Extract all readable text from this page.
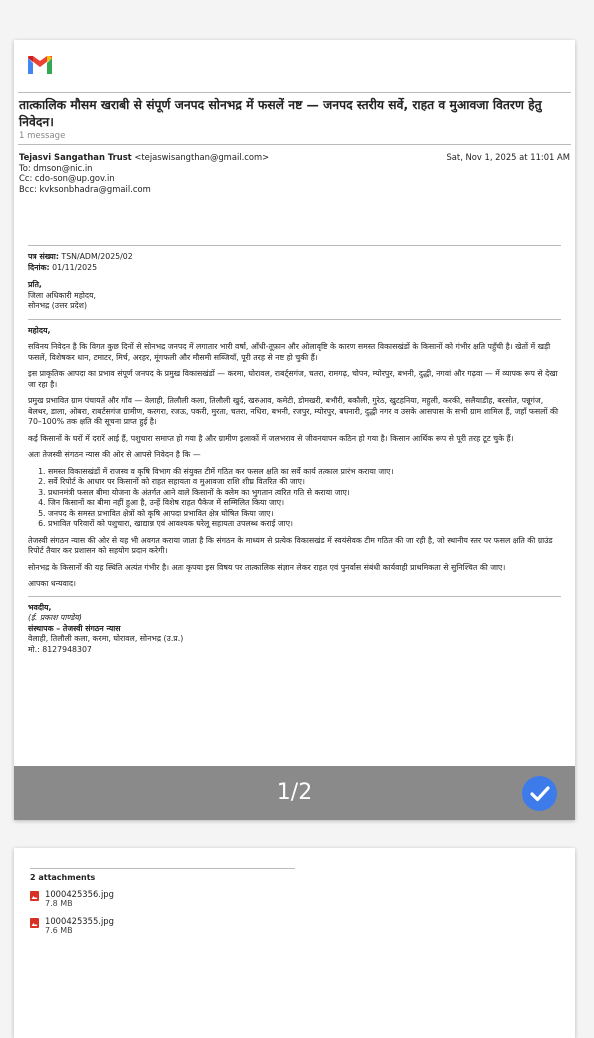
तात्कालिक मौसम खराबी से संपूर्ण जनपद सोनभद्र में फसलें नष्ट — जनपद स्तरीय सर्वे, राहत व मुआवजा वितरण हेतु निवेदन।
1 message
Tejasvi Sangathan Trust <tejaswisangthan@gmail.com>	Sat, Nov 1, 2025 at 11:01 AM
To: dmson@nic.in
Cc: cdo-son@up.gov.in
Bcc: kvksonbhadra@gmail.com
पत्र संख्या: TSN/ADM/2025/02
दिनांक: 01/11/2025
प्रति,
जिला अधिकारी महोदय,
सोनभद्र (उत्तर प्रदेश)

महोदय,

सविनय निवेदन है कि विगत कुछ दिनों से सोनभद्र जनपद में लगातार भारी वर्षा, आँधी-तूफ़ान और ओलावृष्टि के कारण समस्त विकासखंडों के किसानों को गंभीर क्षति पहुँची है। खेतों में खड़ी फसलें, विशेषकर धान, टमाटर, मिर्च, अरहर, मूंगफली और मौसमी सब्जियाँ, पूरी तरह से नष्ट हो चुकी हैं।

इस प्राकृतिक आपदा का प्रभाव संपूर्ण जनपद के प्रमुख विकासखंडों — करमा, घोरावल, राबर्ट्सगंज, चतरा, रामगढ़, चोपन, म्योरपुर, बभनी, दुद्धी, नगवां और गढ़वा — में व्यापक रूप से देखा जा रहा है।

प्रमुख प्रभावित ग्राम पंचायतें और गाँव — वेलाही, तिलौली कला, तिलौली खुर्द, खरुआव, कमेटी, डोमखरी, बभौरी, बकौली, गुरेठ, खुटहनिया, महुली, करकी, सलैयाडीह, बरसोत, पन्नूगंज, बेलथर, डाला, ओबरा, राबर्टसगंज ग्रामीण, करगरा, रजऊ, पकरी, मुरता, चतरा, नधिरा, बभनी, रजपुर, म्योरपुर, बघनारी, दुद्धी नगर व उसके आसपास के सभी ग्राम शामिल हैं, जहाँ फसलों की 70–100% तक क्षति की सूचना प्राप्त हुई है।

कई किसानों के घरों में दरारें आई हैं, पशुचारा समाप्त हो गया है और ग्रामीण इलाकों में जलभराव से जीवनयापन कठिन हो गया है। किसान आर्थिक रूप से पूरी तरह टूट चुके हैं।

अतः तेजस्वी संगठन न्यास की ओर से आपसे निवेदन है कि —

1. समस्त विकासखंडों में राजस्व व कृषि विभाग की संयुक्त टीमें गठित कर फसल क्षति का सर्वे कार्य तत्काल प्रारंभ कराया जाए।
2. सर्वे रिपोर्ट के आधार पर किसानों को राहत सहायता व मुआवजा राशि शीघ्र वितरित की जाए।
3. प्रधानमंत्री फसल बीमा योजना के अंतर्गत आने वाले किसानों के क्लेम का भुगतान त्वरित गति से कराया जाए।
4. जिन किसानों का बीमा नहीं हुआ है, उन्हें विशेष राहत पैकेज में सम्मिलित किया जाए।
5. जनपद के समस्त प्रभावित क्षेत्रों को कृषि आपदा प्रभावित क्षेत्र घोषित किया जाए।
6. प्रभावित परिवारों को पशुचारा, खाद्यान्न एवं आवश्यक घरेलू सहायता उपलब्ध कराई जाए।

तेजस्वी संगठन न्यास की ओर से यह भी अवगत कराया जाता है कि संगठन के माध्यम से प्रत्येक विकासखंड में स्वयंसेवक टीम गठित की जा रही है, जो स्थानीय स्तर पर फसल क्षति की ग्राउंड रिपोर्ट तैयार कर प्रशासन को सहयोग प्रदान करेगी।

सोनभद्र के किसानों की यह स्थिति अत्यंत गंभीर है। अतः कृपया इस विषय पर तात्कालिक संज्ञान लेकर राहत एवं पुनर्वास संबंधी कार्यवाही प्राथमिकता से सुनिश्चित की जाए।

आपका धन्यवाद।

भवदीय,
(ई. प्रकाश पाण्डेय)
संस्थापक – तेजस्वी संगठन न्यास
वेलाही, तिलौली कला, करमा, घोरावल, सोनभद्र (उ.प्र.)
मो.: 8127948307
1/2
2 attachments
1000425356.jpg
7.8 MB
1000425355.jpg
7.6 MB
